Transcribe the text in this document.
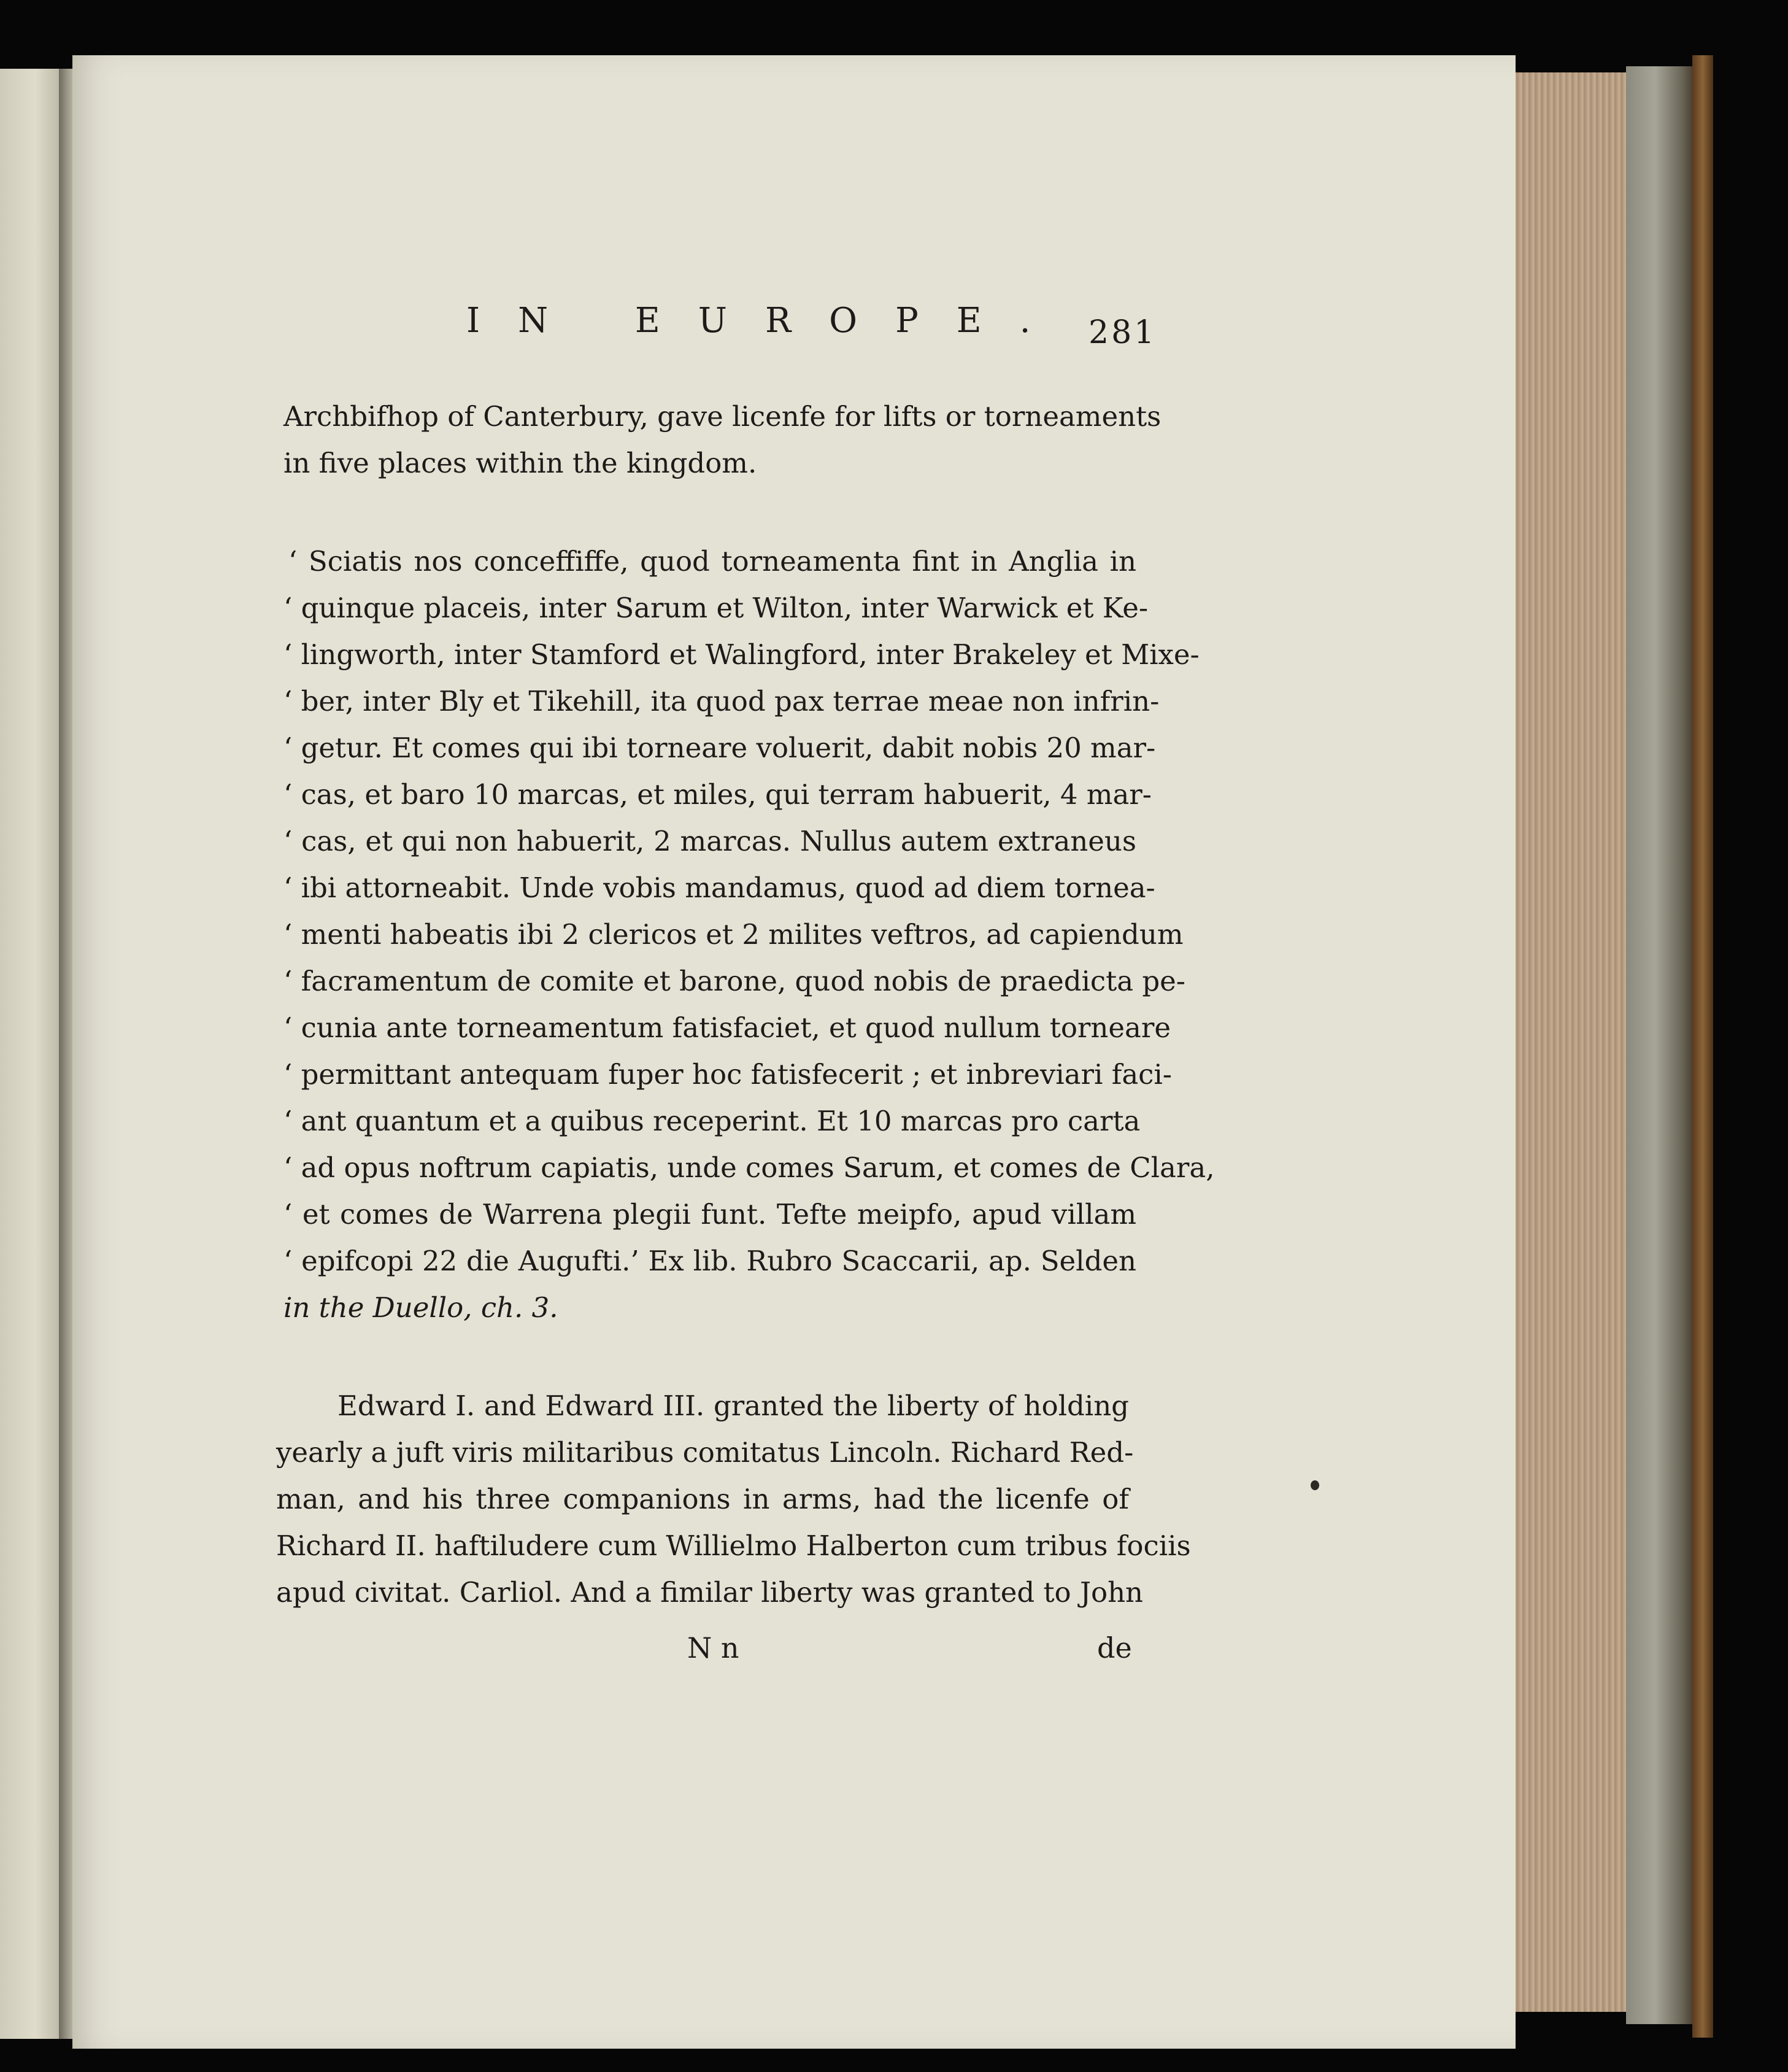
IN EUROPE. 281
Archbifhop of Canterbury, gave licenfe for lifts or torneaments
in five places within the kingdom.
‘ Sciatis nos conceffiffe, quod torneamenta fint in Anglia in
‘ quinque placeis, inter Sarum et Wilton, inter Warwick et Ke-
‘ lingworth, inter Stamford et Walingford, inter Brakeley et Mixe-
‘ ber, inter Bly et Tikehill, ita quod pax terrae meae non infrin-
‘ getur. Et comes qui ibi torneare voluerit, dabit nobis 20 mar-
‘ cas, et baro 10 marcas, et miles, qui terram habuerit, 4 mar-
‘ cas, et qui non habuerit, 2 marcas. Nullus autem extraneus
‘ ibi attorneabit. Unde vobis mandamus, quod ad diem tornea-
‘ menti habeatis ibi 2 clericos et 2 milites veftros, ad capiendum
‘ facramentum de comite et barone, quod nobis de praedicta pe-
‘ cunia ante torneamentum fatisfaciet, et quod nullum torneare
‘ permittant antequam fuper hoc fatisfecerit ; et inbreviari faci-
‘ ant quantum et a quibus receperint. Et 10 marcas pro carta
‘ ad opus noftrum capiatis, unde comes Sarum, et comes de Clara,
‘ et comes de Warrena plegii funt. Tefte meipfo, apud villam
‘ epifcopi 22 die Augufti.’ Ex lib. Rubro Scaccarii, ap. Selden
in the Duello, ch. 3.
Edward I. and Edward III. granted the liberty of holding
yearly a juft viris militaribus comitatus Lincoln. Richard Red-
man, and his three companions in arms, had the licenfe of
Richard II. haftiludere cum Willielmo Halberton cum tribus fociis
apud civitat. Carliol. And a fimilar liberty was granted to John
N n	de
